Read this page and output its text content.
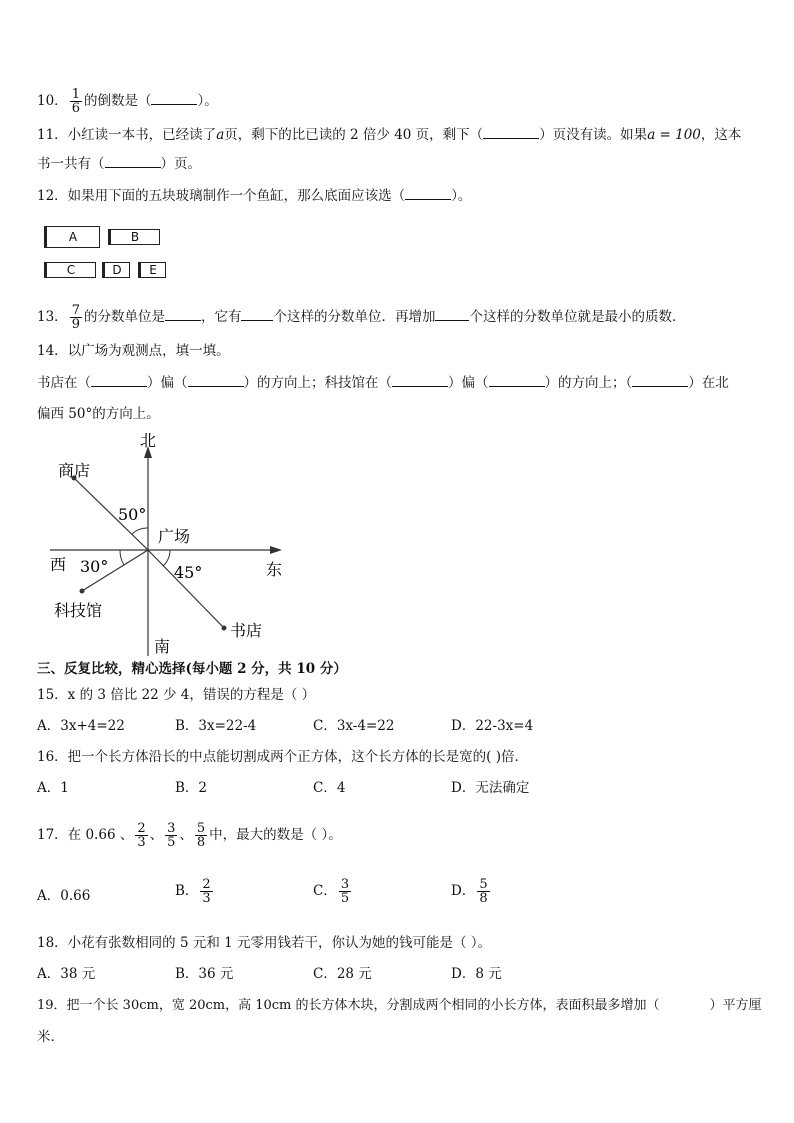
10． $\frac{1}{6}$ 的倒数是（	）。
11．小红读一本书，已经读了a页，剩下的比已读的 2 倍少 40 页，剩下（	）页没有读。如果a = 100，这本
书一共有（	）页。
12．如果用下面的五块玻璃制作一个鱼缸，那么底面应该选（	）。
A	B
C	D	E
13． $\frac{7}{9}$ 的分数单位是	，它有 个这样的分数单位．再增加	个这样的分数单位就是最小的质数．
14．以广场为观测点，填一填。
书店在（	）偏（	）的方向上；科技馆在（	）偏（	）的方向上；（	）在北
偏西 50°的方向上。
北
南
东
西
广场
商店
科技馆
书店
50°
30°	45°
三、反复比较，精心选择(每小题 2 分，共 10 分）
15．x 的 3 倍比 22 少 4，错误的方程是（ ）
A．3x+4=22	B．3x=22-4	C．3x-4=22	D．22-3x=4
16．把一个长方体沿长的中点能切割成两个正方体，这个长方体的长是宽的( )倍．
A．1	B．2	C．4	D．无法确定
17．在 0.66 、 $\frac{2}{3}$ 、 $\frac{3}{5}$ 、 $\frac{5}{8}$ 中，最大的数是（ ）。
A．0.66	B． $\frac{2}{3}$	C． $\frac{3}{5}$	D． $\frac{5}{8}$
18．小花有张数相同的 5 元和 1 元零用钱若干，你认为她的钱可能是（ ）。
A．38 元	B．36 元	C．28 元	D．8 元
19．把一个长 30cm，宽 20cm，高 10cm 的长方体木块，分割成两个相同的小长方体，表面积最多增加（	）平方厘
米．
